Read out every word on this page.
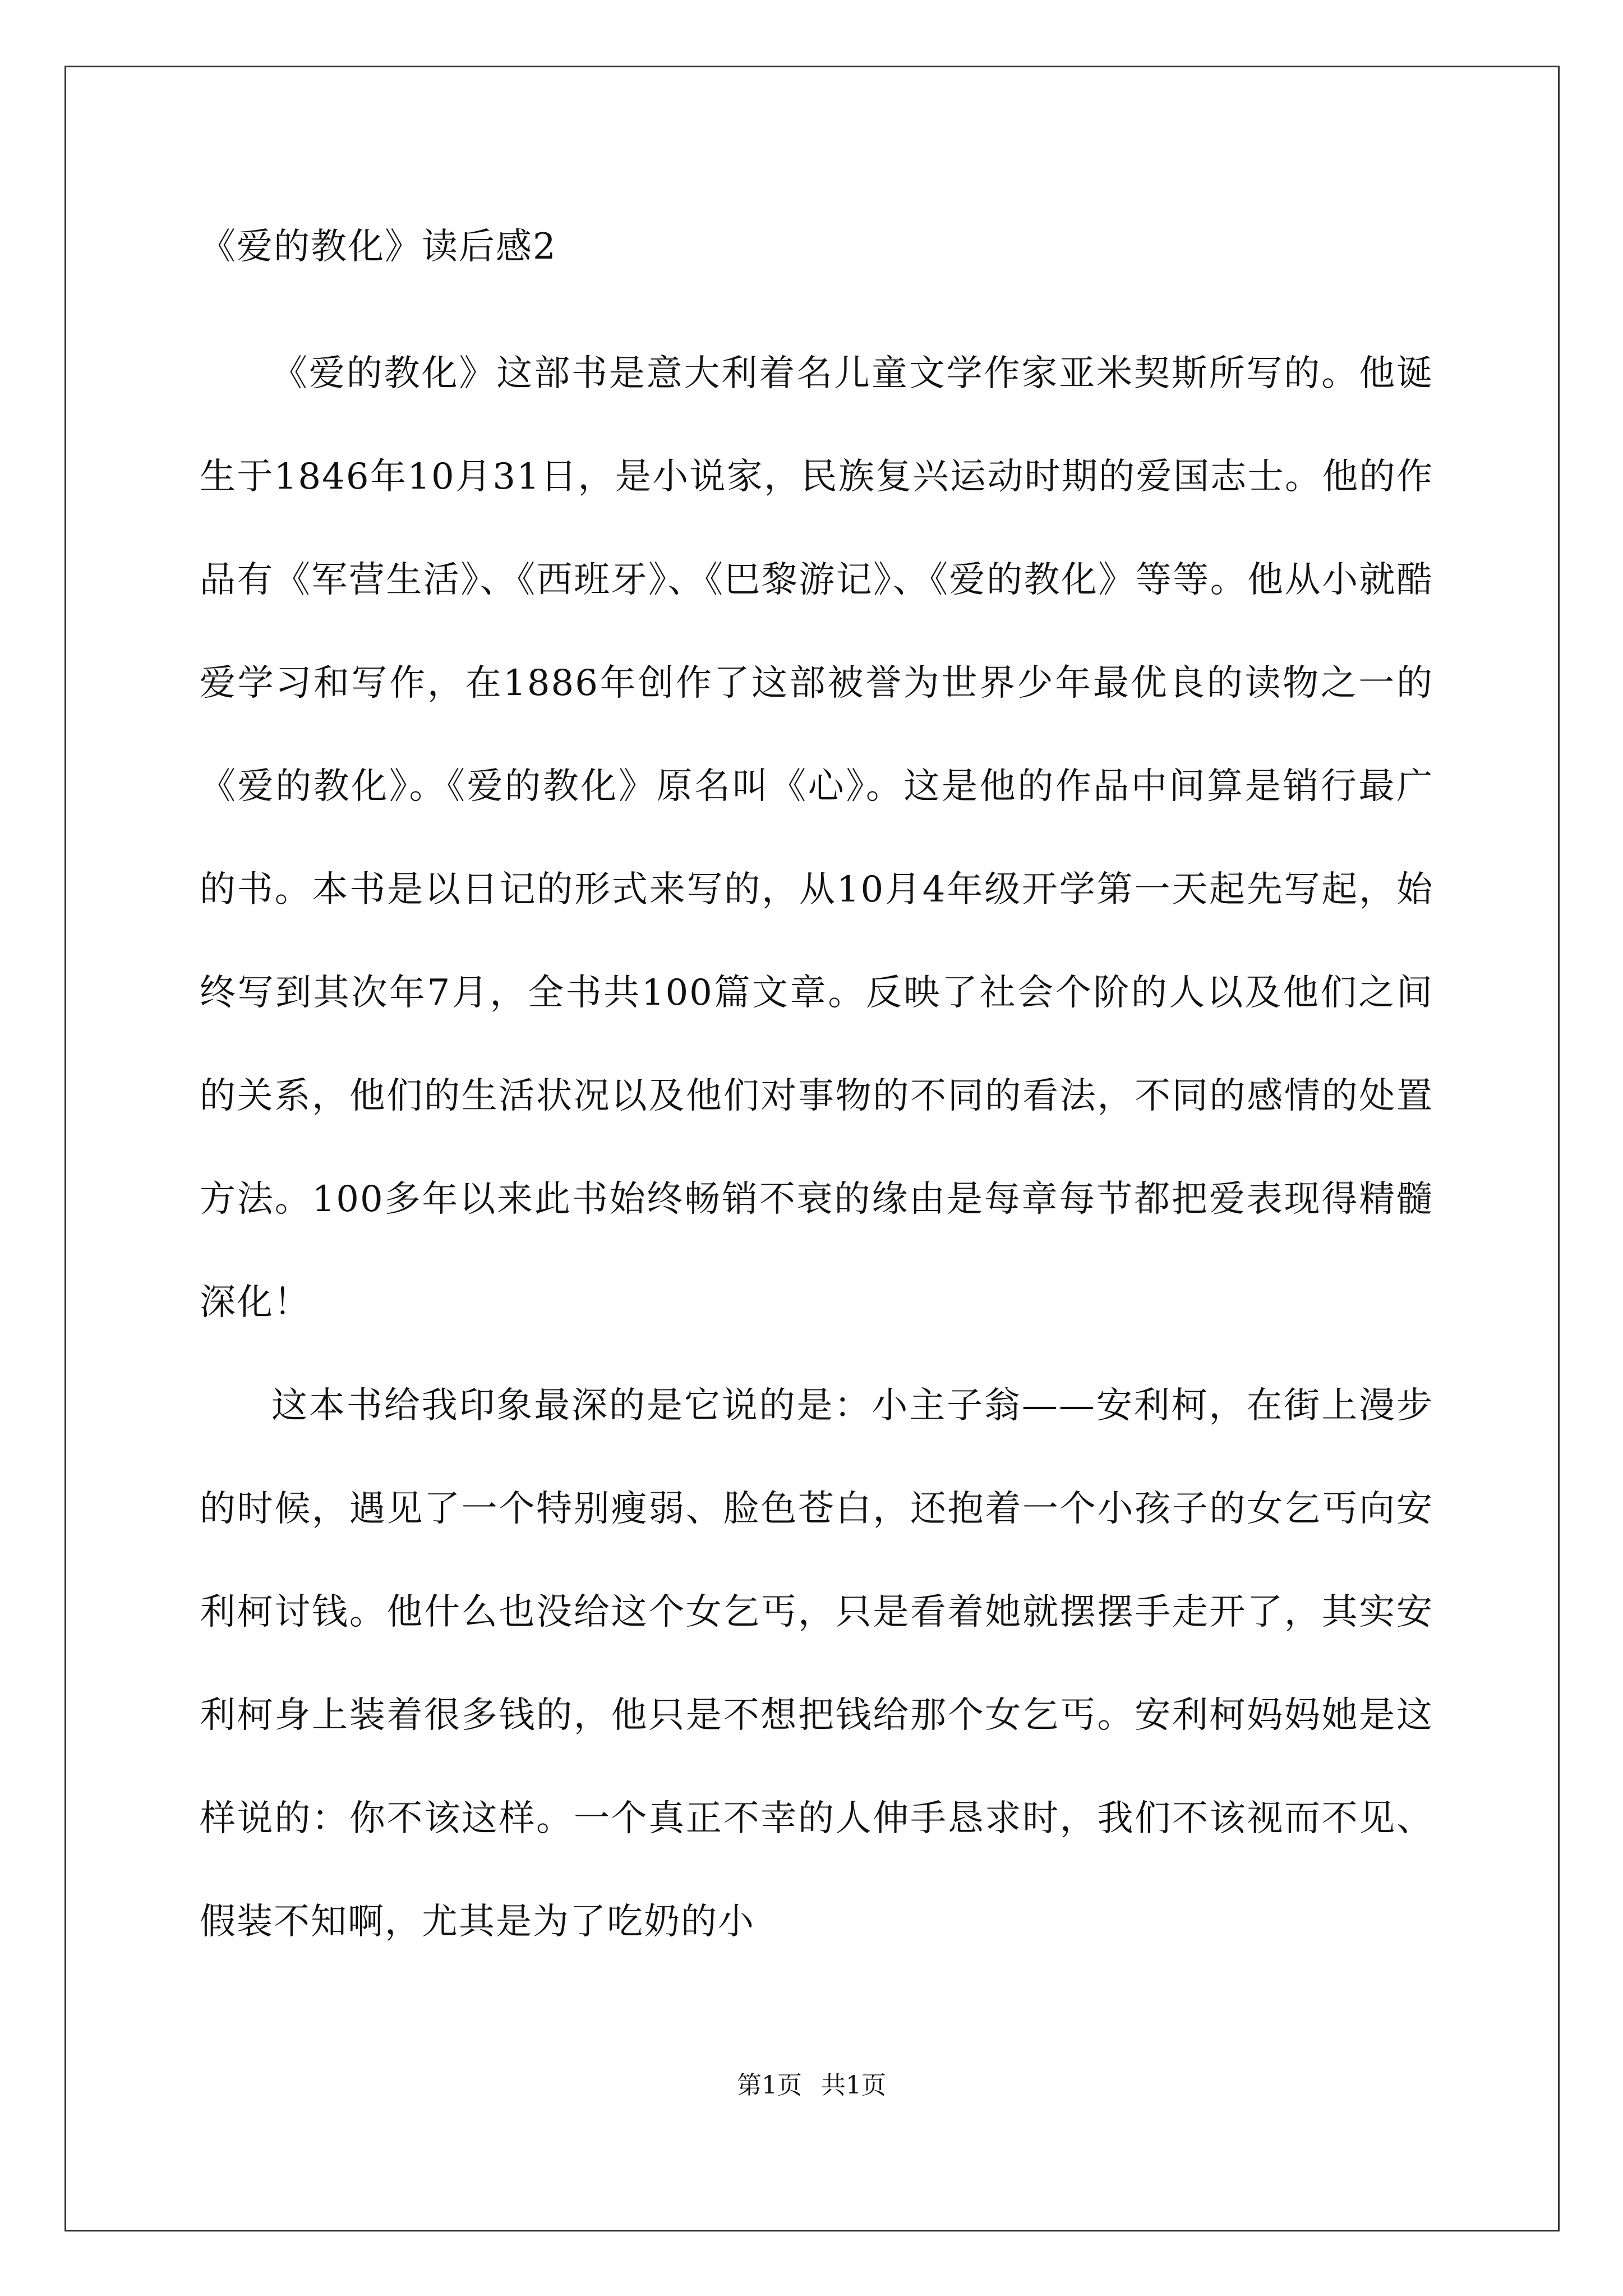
《爱的教化》读后感2

《爱的教化》这部书是意大利着名儿童文学作家亚米契斯所写的。他诞生于1846年10月31日，是小说家，民族复兴运动时期的爱国志士。他的作品有《军营生活》、《西班牙》、《巴黎游记》、《爱的教化》等等。他从小就酷爱学习和写作，在1886年创作了这部被誉为世界少年最优良的读物之一的《爱的教化》。《爱的教化》原名叫《心》。这是他的作品中间算是销行最广的书。本书是以日记的形式来写的，从10月4年级开学第一天起先写起，始终写到其次年7月，全书共100篇文章。反映了社会个阶的人以及他们之间的关系，他们的生活状况以及他们对事物的不同的看法，不同的感情的处置方法。100多年以来此书始终畅销不衰的缘由是每章每节都把爱表现得精髓深化！

这本书给我印象最深的是它说的是：小主子翁——安利柯，在街上漫步的时候，遇见了一个特别瘦弱、脸色苍白，还抱着一个小孩子的女乞丐向安利柯讨钱。他什么也没给这个女乞丐，只是看着她就摆摆手走开了，其实安利柯身上装着很多钱的，他只是不想把钱给那个女乞丐。安利柯妈妈她是这样说的：你不该这样。一个真正不幸的人伸手恳求时，我们不该视而不见、假装不知啊，尤其是为了吃奶的小

第1页 共1页
